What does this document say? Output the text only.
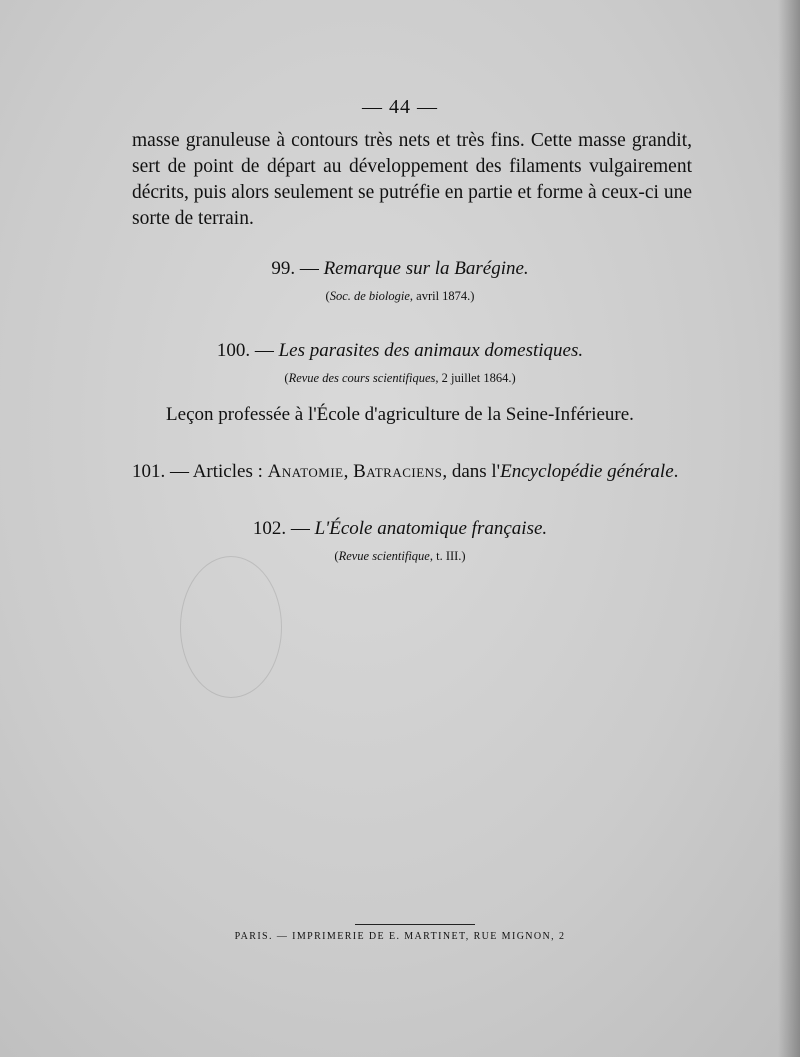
— 44 —

masse granuleuse à contours très nets et très fins. Cette masse grandit, sert de point de départ au développement des filaments vulgairement décrits, puis alors seulement se putréfie en partie et forme à ceux-ci une sorte de terrain.

99. — Remarque sur la Barégine.

(Soc. de biologie, avril 1874.)

100. — Les parasites des animaux domestiques.

(Revue des cours scientifiques, 2 juillet 1864.)

Leçon professée à l'École d'agriculture de la Seine-Inférieure.

101. — Articles : Anatomie, Batraciens, dans l'Encyclopédie générale.

102. — L'École anatomique française.

(Revue scientifique, t. III.)

PARIS. — IMPRIMERIE DE E. MARTINET, RUE MIGNON, 2
